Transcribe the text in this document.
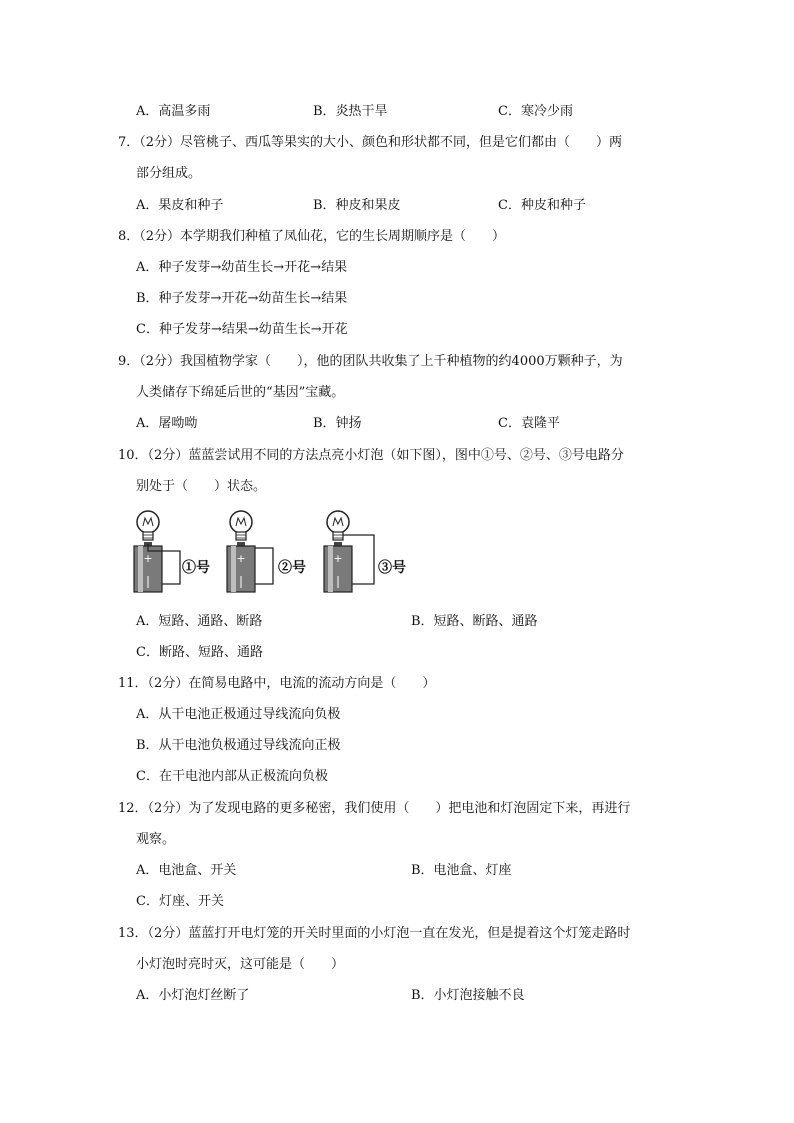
A．高温多雨	B．炎热干旱	C．寒冷少雨
7．（2分）尽管桃子、西瓜等果实的大小、颜色和形状都不同，但是它们都由（　　）两
部分组成。
A．果皮和种子	B．种皮和果皮	C．种皮和种子
8．（2分）本学期我们种植了凤仙花，它的生长周期顺序是（　　）
A．种子发芽→幼苗生长→开花→结果
B．种子发芽→开花→幼苗生长→结果
C．种子发芽→结果→幼苗生长→开花
9．（2分）我国植物学家（　　），他的团队共收集了上千种植物的约4000万颗种子，为
人类储存下绵延后世的“基因”宝藏。
A．屠呦呦	B．钟扬	C．袁隆平
10．（2分）蓝蓝尝试用不同的方法点亮小灯泡（如下图），图中①号、②号、③号电路分
别处于（　　）状态。
+	+	+
①号	②号	③号
A．短路、通路、断路	B．短路、断路、通路
C．断路、短路、通路
11．（2分）在简易电路中，电流的流动方向是（　　）
A．从干电池正极通过导线流向负极
B．从干电池负极通过导线流向正极
C．在干电池内部从正极流向负极
12．（2分）为了发现电路的更多秘密，我们使用（　　）把电池和灯泡固定下来，再进行
观察。
A．电池盒、开关	B．电池盒、灯座
C．灯座、开关
13．（2分）蓝蓝打开电灯笼的开关时里面的小灯泡一直在发光，但是提着这个灯笼走路时
小灯泡时亮时灭，这可能是（　　）
A．小灯泡灯丝断了	B．小灯泡接触不良
